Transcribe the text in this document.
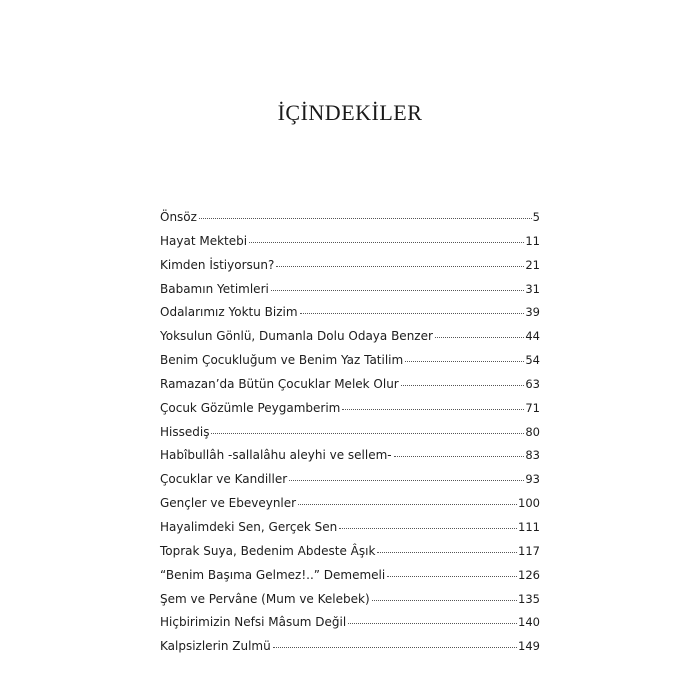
İÇİNDEKİLER
Önsöz	5
Hayat Mektebi	11
Kimden İstiyorsun?	21
Babamın Yetimleri	31
Odalarımız Yoktu Bizim	39
Yoksulun Gönlü, Dumanla Dolu Odaya Benzer	44
Benim Çocukluğum ve Benim Yaz Tatilim	54
Ramazan’da Bütün Çocuklar Melek Olur	63
Çocuk Gözümle Peygamberim	71
Hissediş	80
Habîbullâh -sallalâhu aleyhi ve sellem-	83
Çocuklar ve Kandiller	93
Gençler ve Ebeveynler	100
Hayalimdeki Sen, Gerçek Sen	111
Toprak Suya, Bedenim Abdeste Âşık	117
“Benim Başıma Gelmez!..” Dememeli	126
Şem ve Pervâne (Mum ve Kelebek)	135
Hiçbirimizin Nefsi Mâsum Değil	140
Kalpsizlerin Zulmü	149
